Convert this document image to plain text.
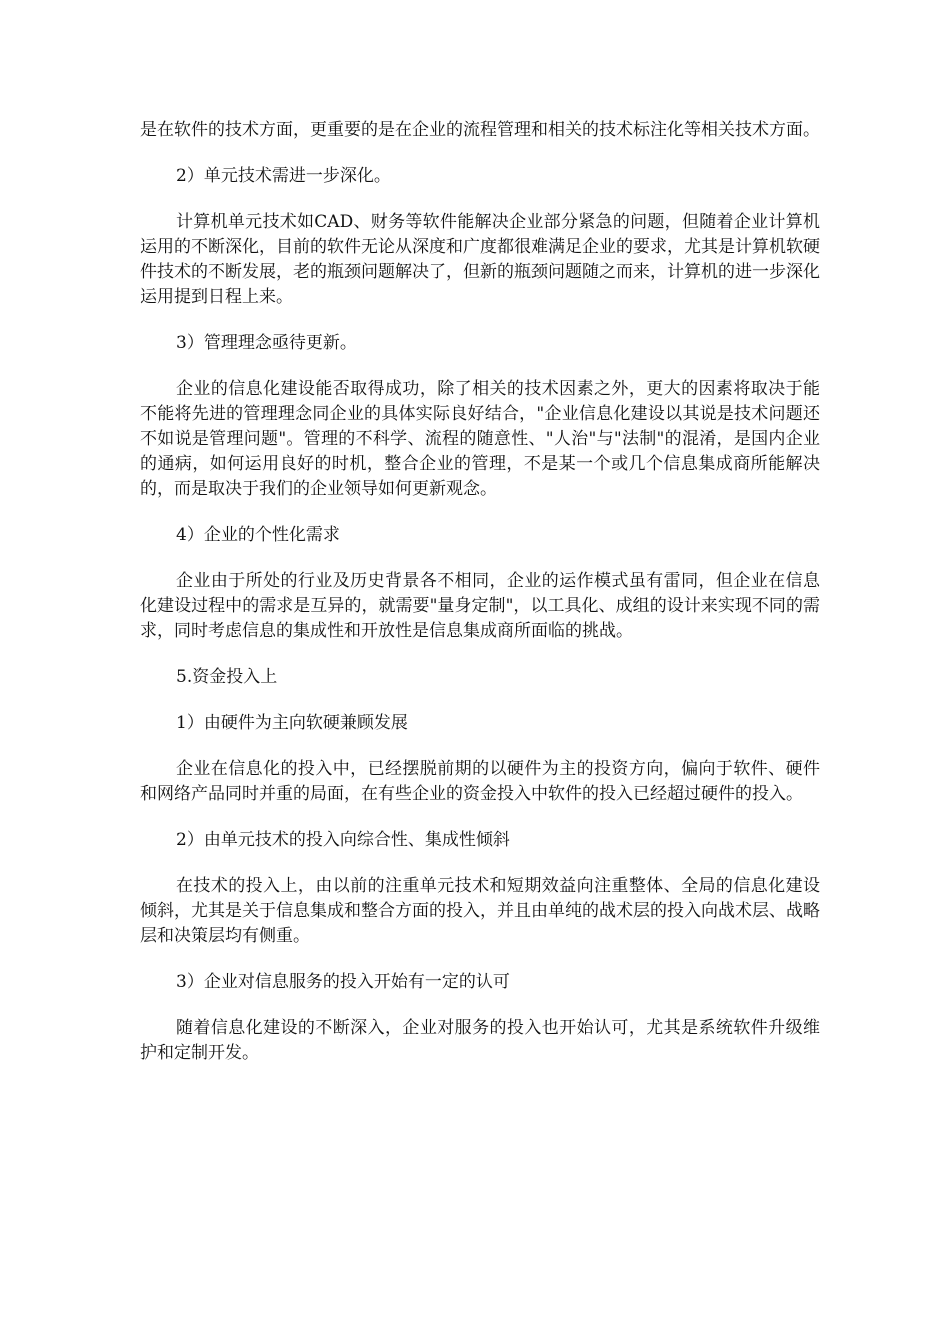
是在软件的技术方面，更重要的是在企业的流程管理和相关的技术标注化等相关技术方面。

2）单元技术需进一步深化。

计算机单元技术如CAD、财务等软件能解决企业部分紧急的问题，但随着企业计算机运用的不断深化，目前的软件无论从深度和广度都很难满足企业的要求，尤其是计算机软硬件技术的不断发展，老的瓶颈问题解决了，但新的瓶颈问题随之而来，计算机的进一步深化运用提到日程上来。

3）管理理念亟待更新。

企业的信息化建设能否取得成功，除了相关的技术因素之外，更大的因素将取决于能不能将先进的管理理念同企业的具体实际良好结合，"企业信息化建设以其说是技术问题还不如说是管理问题"。管理的不科学、流程的随意性、"人治"与"法制"的混淆，是国内企业的通病，如何运用良好的时机，整合企业的管理，不是某一个或几个信息集成商所能解决的，而是取决于我们的企业领导如何更新观念。

4）企业的个性化需求

企业由于所处的行业及历史背景各不相同，企业的运作模式虽有雷同，但企业在信息化建设过程中的需求是互异的，就需要"量身定制"，以工具化、成组的设计来实现不同的需求，同时考虑信息的集成性和开放性是信息集成商所面临的挑战。

5.资金投入上

1）由硬件为主向软硬兼顾发展

企业在信息化的投入中，已经摆脱前期的以硬件为主的投资方向，偏向于软件、硬件和网络产品同时并重的局面，在有些企业的资金投入中软件的投入已经超过硬件的投入。

2）由单元技术的投入向综合性、集成性倾斜

在技术的投入上，由以前的注重单元技术和短期效益向注重整体、全局的信息化建设倾斜，尤其是关于信息集成和整合方面的投入，并且由单纯的战术层的投入向战术层、战略层和决策层均有侧重。

3）企业对信息服务的投入开始有一定的认可

随着信息化建设的不断深入，企业对服务的投入也开始认可，尤其是系统软件升级维护和定制开发。
